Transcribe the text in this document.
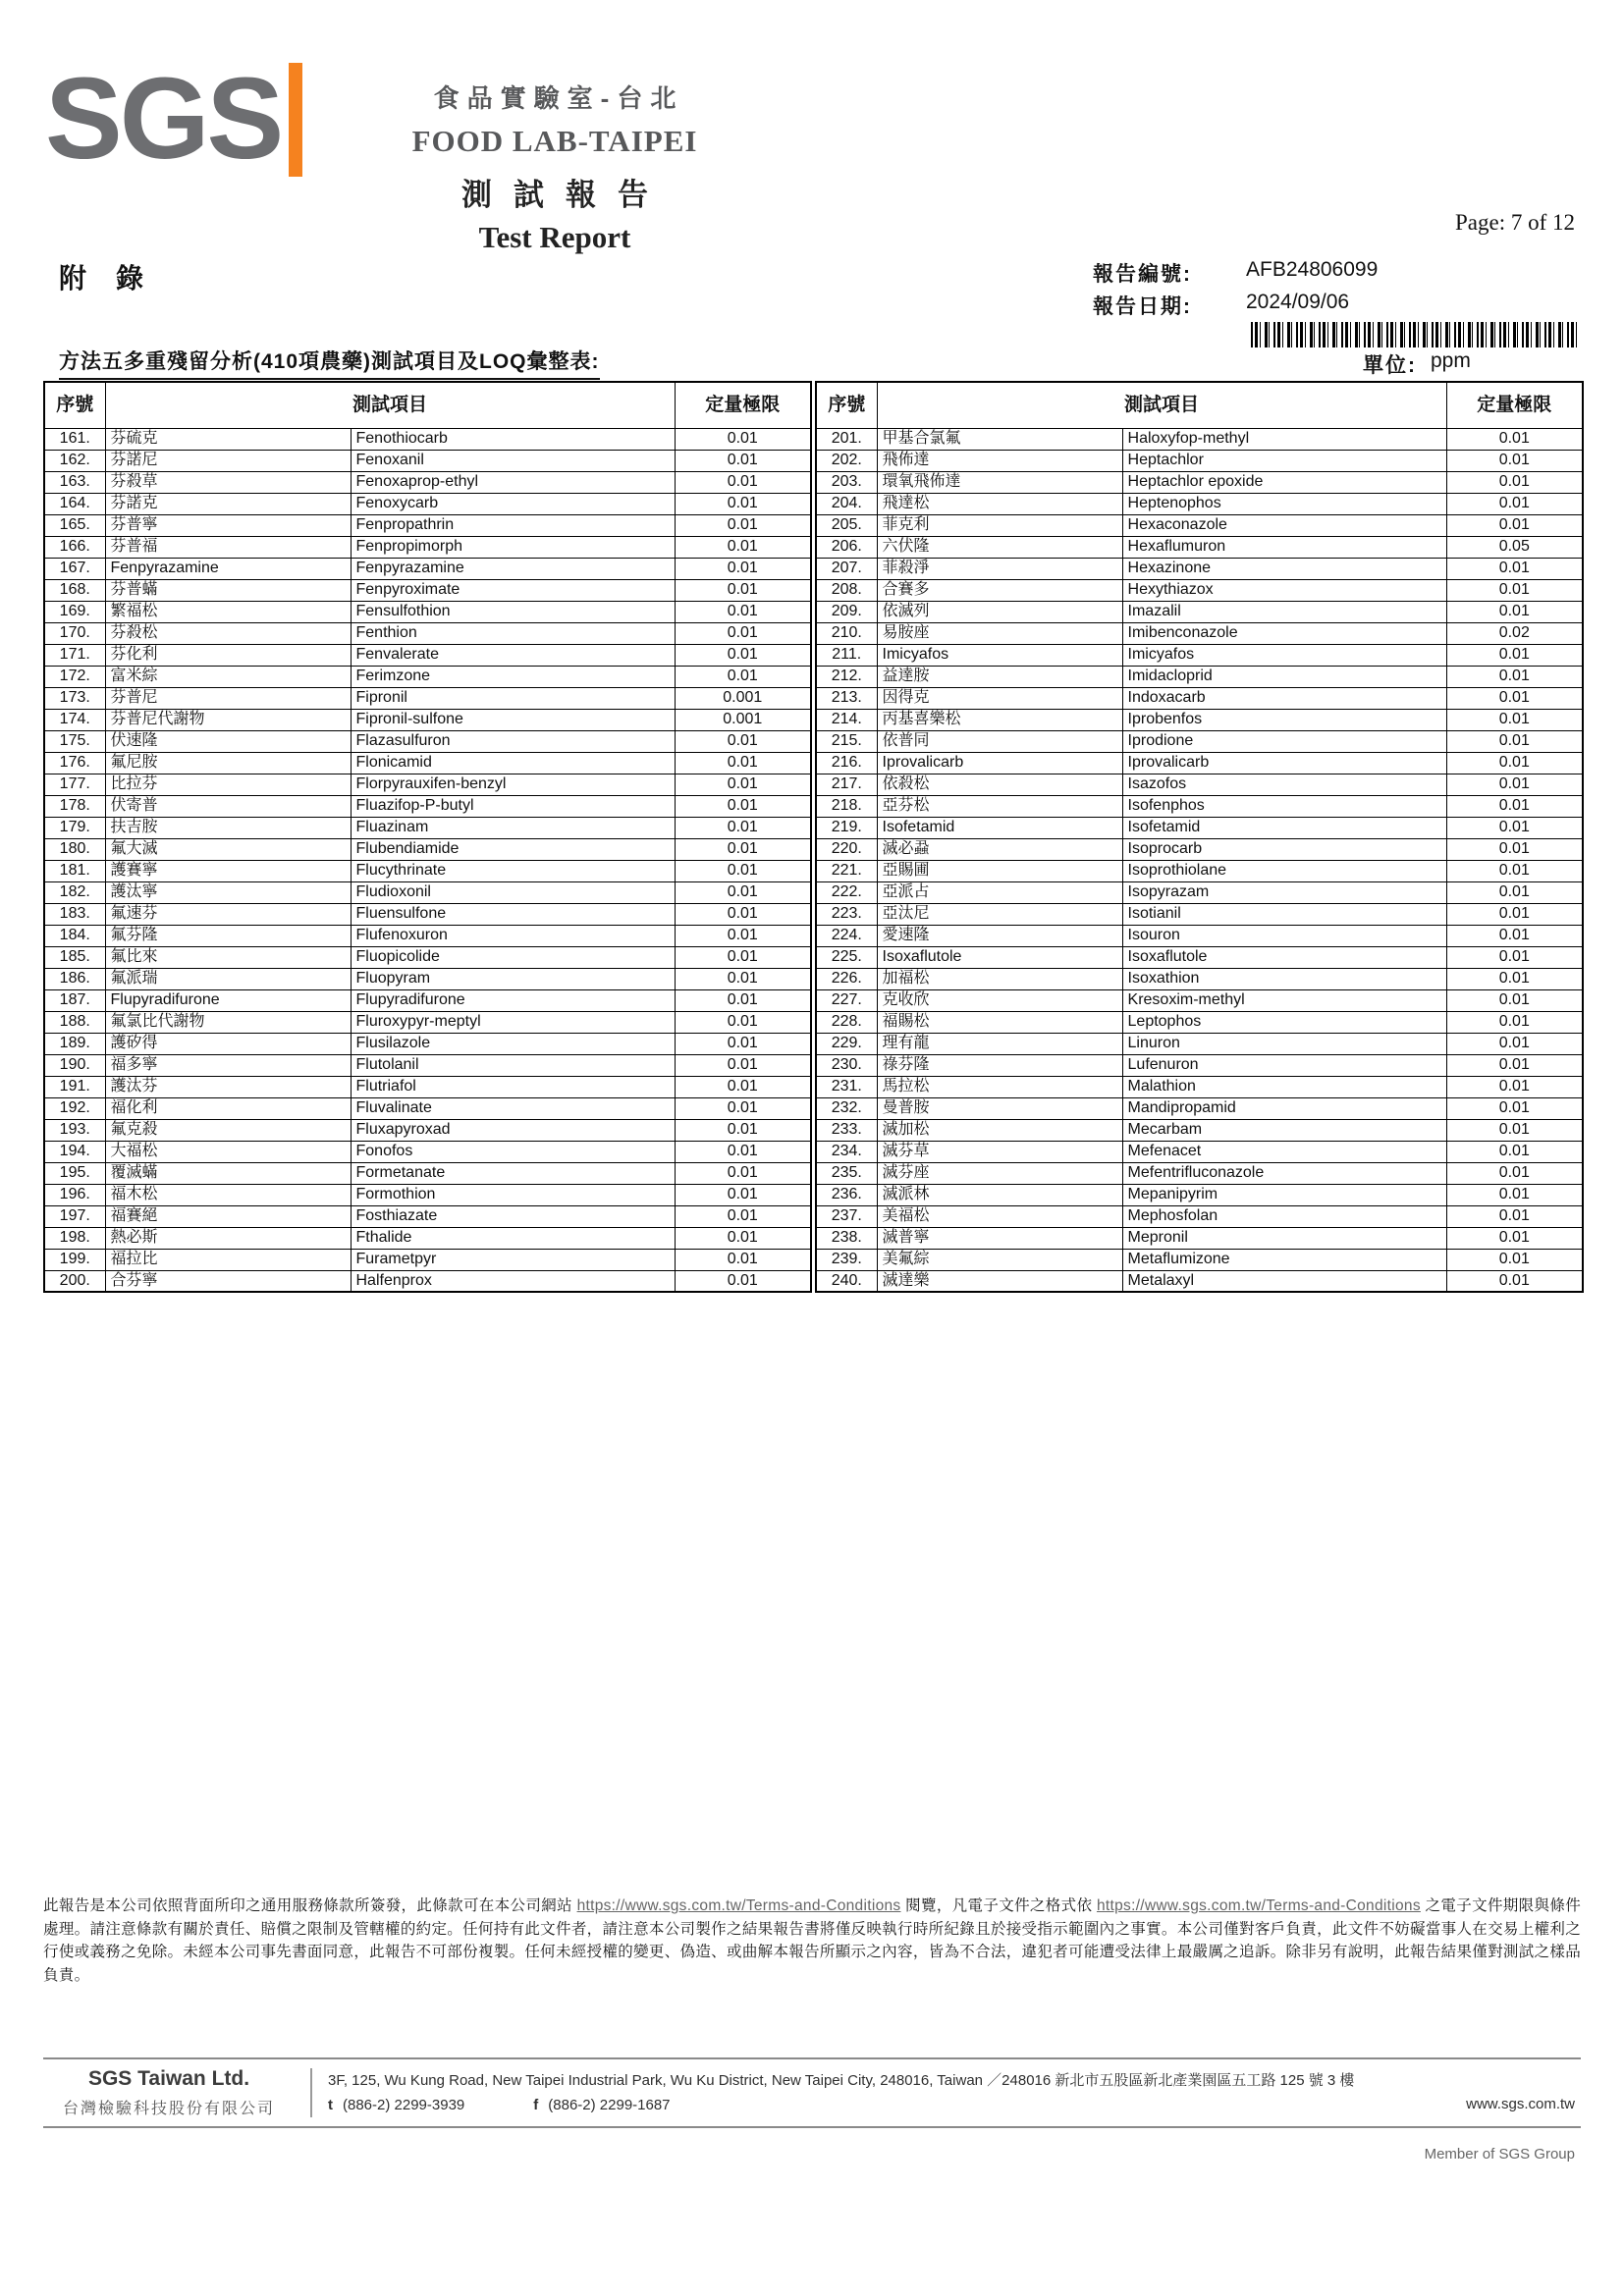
SGS	食品實驗室-台北
FOOD LAB-TAIPEI
測試報告
Test Report	Page: 7 of 12
附錄	報告編號:	AFB24806099
報告日期:	2024/09/06
方法五多重殘留分析(410項農藥)測試項目及LOQ彙整表:	單位: ppm
序號	測試項目		定量極限
161.	芬硫克	Fenothiocarb	0.01
162.	芬諾尼	Fenoxanil	0.01
163.	芬殺草	Fenoxaprop-ethyl	0.01
164.	芬諾克	Fenoxycarb	0.01
165.	芬普寧	Fenpropathrin	0.01
166.	芬普福	Fenpropimorph	0.01
167.	Fenpyrazamine	Fenpyrazamine	0.01
168.	芬普蟎	Fenpyroximate	0.01
169.	繁福松	Fensulfothion	0.01
170.	芬殺松	Fenthion	0.01
171.	芬化利	Fenvalerate	0.01
172.	富米綜	Ferimzone	0.01
173.	芬普尼	Fipronil	0.001
174.	芬普尼代謝物	Fipronil-sulfone	0.001
175.	伏速隆	Flazasulfuron	0.01
176.	氟尼胺	Flonicamid	0.01
177.	比拉芬	Florpyrauxifen-benzyl	0.01
178.	伏寄普	Fluazifop-P-butyl	0.01
179.	扶吉胺	Fluazinam	0.01
180.	氟大滅	Flubendiamide	0.01
181.	護賽寧	Flucythrinate	0.01
182.	護汰寧	Fludioxonil	0.01
183.	氟速芬	Fluensulfone	0.01
184.	氟芬隆	Flufenoxuron	0.01
185.	氟比來	Fluopicolide	0.01
186.	氟派瑞	Fluopyram	0.01
187.	Flupyradifurone	Flupyradifurone	0.01
188.	氟氯比代謝物	Fluroxypyr-meptyl	0.01
189.	護矽得	Flusilazole	0.01
190.	福多寧	Flutolanil	0.01
191.	護汰芬	Flutriafol	0.01
192.	福化利	Fluvalinate	0.01
193.	氟克殺	Fluxapyroxad	0.01
194.	大福松	Fonofos	0.01
195.	覆滅蟎	Formetanate	0.01
196.	福木松	Formothion	0.01
197.	福賽絕	Fosthiazate	0.01
198.	熱必斯	Fthalide	0.01
199.	福拉比	Furametpyr	0.01
200.	合芬寧	Halfenprox	0.01
序號	測試項目		定量極限
201.	甲基合氯氟	Haloxyfop-methyl	0.01
202.	飛佈達	Heptachlor	0.01
203.	環氧飛佈達	Heptachlor epoxide	0.01
204.	飛達松	Heptenophos	0.01
205.	菲克利	Hexaconazole	0.01
206.	六伏隆	Hexaflumuron	0.05
207.	菲殺淨	Hexazinone	0.01
208.	合賽多	Hexythiazox	0.01
209.	依滅列	Imazalil	0.01
210.	易胺座	Imibenconazole	0.02
211.	Imicyafos	Imicyafos	0.01
212.	益達胺	Imidacloprid	0.01
213.	因得克	Indoxacarb	0.01
214.	丙基喜樂松	Iprobenfos	0.01
215.	依普同	Iprodione	0.01
216.	Iprovalicarb	Iprovalicarb	0.01
217.	依殺松	Isazofos	0.01
218.	亞芬松	Isofenphos	0.01
219.	Isofetamid	Isofetamid	0.01
220.	滅必蝨	Isoprocarb	0.01
221.	亞賜圃	Isoprothiolane	0.01
222.	亞派占	Isopyrazam	0.01
223.	亞汰尼	Isotianil	0.01
224.	愛速隆	Isouron	0.01
225.	Isoxaflutole	Isoxaflutole	0.01
226.	加福松	Isoxathion	0.01
227.	克收欣	Kresoxim-methyl	0.01
228.	福賜松	Leptophos	0.01
229.	理有龍	Linuron	0.01
230.	祿芬隆	Lufenuron	0.01
231.	馬拉松	Malathion	0.01
232.	曼普胺	Mandipropamid	0.01
233.	滅加松	Mecarbam	0.01
234.	滅芬草	Mefenacet	0.01
235.	滅芬座	Mefentrifluconazole	0.01
236.	滅派林	Mepanipyrim	0.01
237.	美福松	Mephosfolan	0.01
238.	滅普寧	Mepronil	0.01
239.	美氟綜	Metaflumizone	0.01
240.	滅達樂	Metalaxyl	0.01

此報告是本公司依照背面所印之通用服務條款所簽發，此條款可在本公司網站 https://www.sgs.com.tw/Terms-and-Conditions 閱覽，凡電子文件之格式依 https://www.sgs.com.tw/Terms-and-Conditions 之電子文件期限與條件處理。請注意條款有關於責任、賠償之限制及管轄權的約定。任何持有此文件者，請注意本公司製作之結果報告書將僅反映執行時所紀錄且於接受指示範圍內之事實。本公司僅對客戶負責，此文件不妨礙當事人在交易上權利之行使或義務之免除。未經本公司事先書面同意，此報告不可部份複製。任何未經授權的變更、偽造、或曲解本報告所顯示之內容，皆為不合法，違犯者可能遭受法律上最嚴厲之追訴。除非另有說明，此報告結果僅對測試之樣品負責。

SGS Taiwan Ltd.
台灣檢驗科技股份有限公司
3F, 125, Wu Kung Road, New Taipei Industrial Park, Wu Ku District, New Taipei City, 248016, Taiwan ／248016 新北市五股區新北產業園區五工路 125 號 3 樓
t (886-2) 2299-3939	f (886-2) 2299-1687	www.sgs.com.tw
Member of SGS Group
